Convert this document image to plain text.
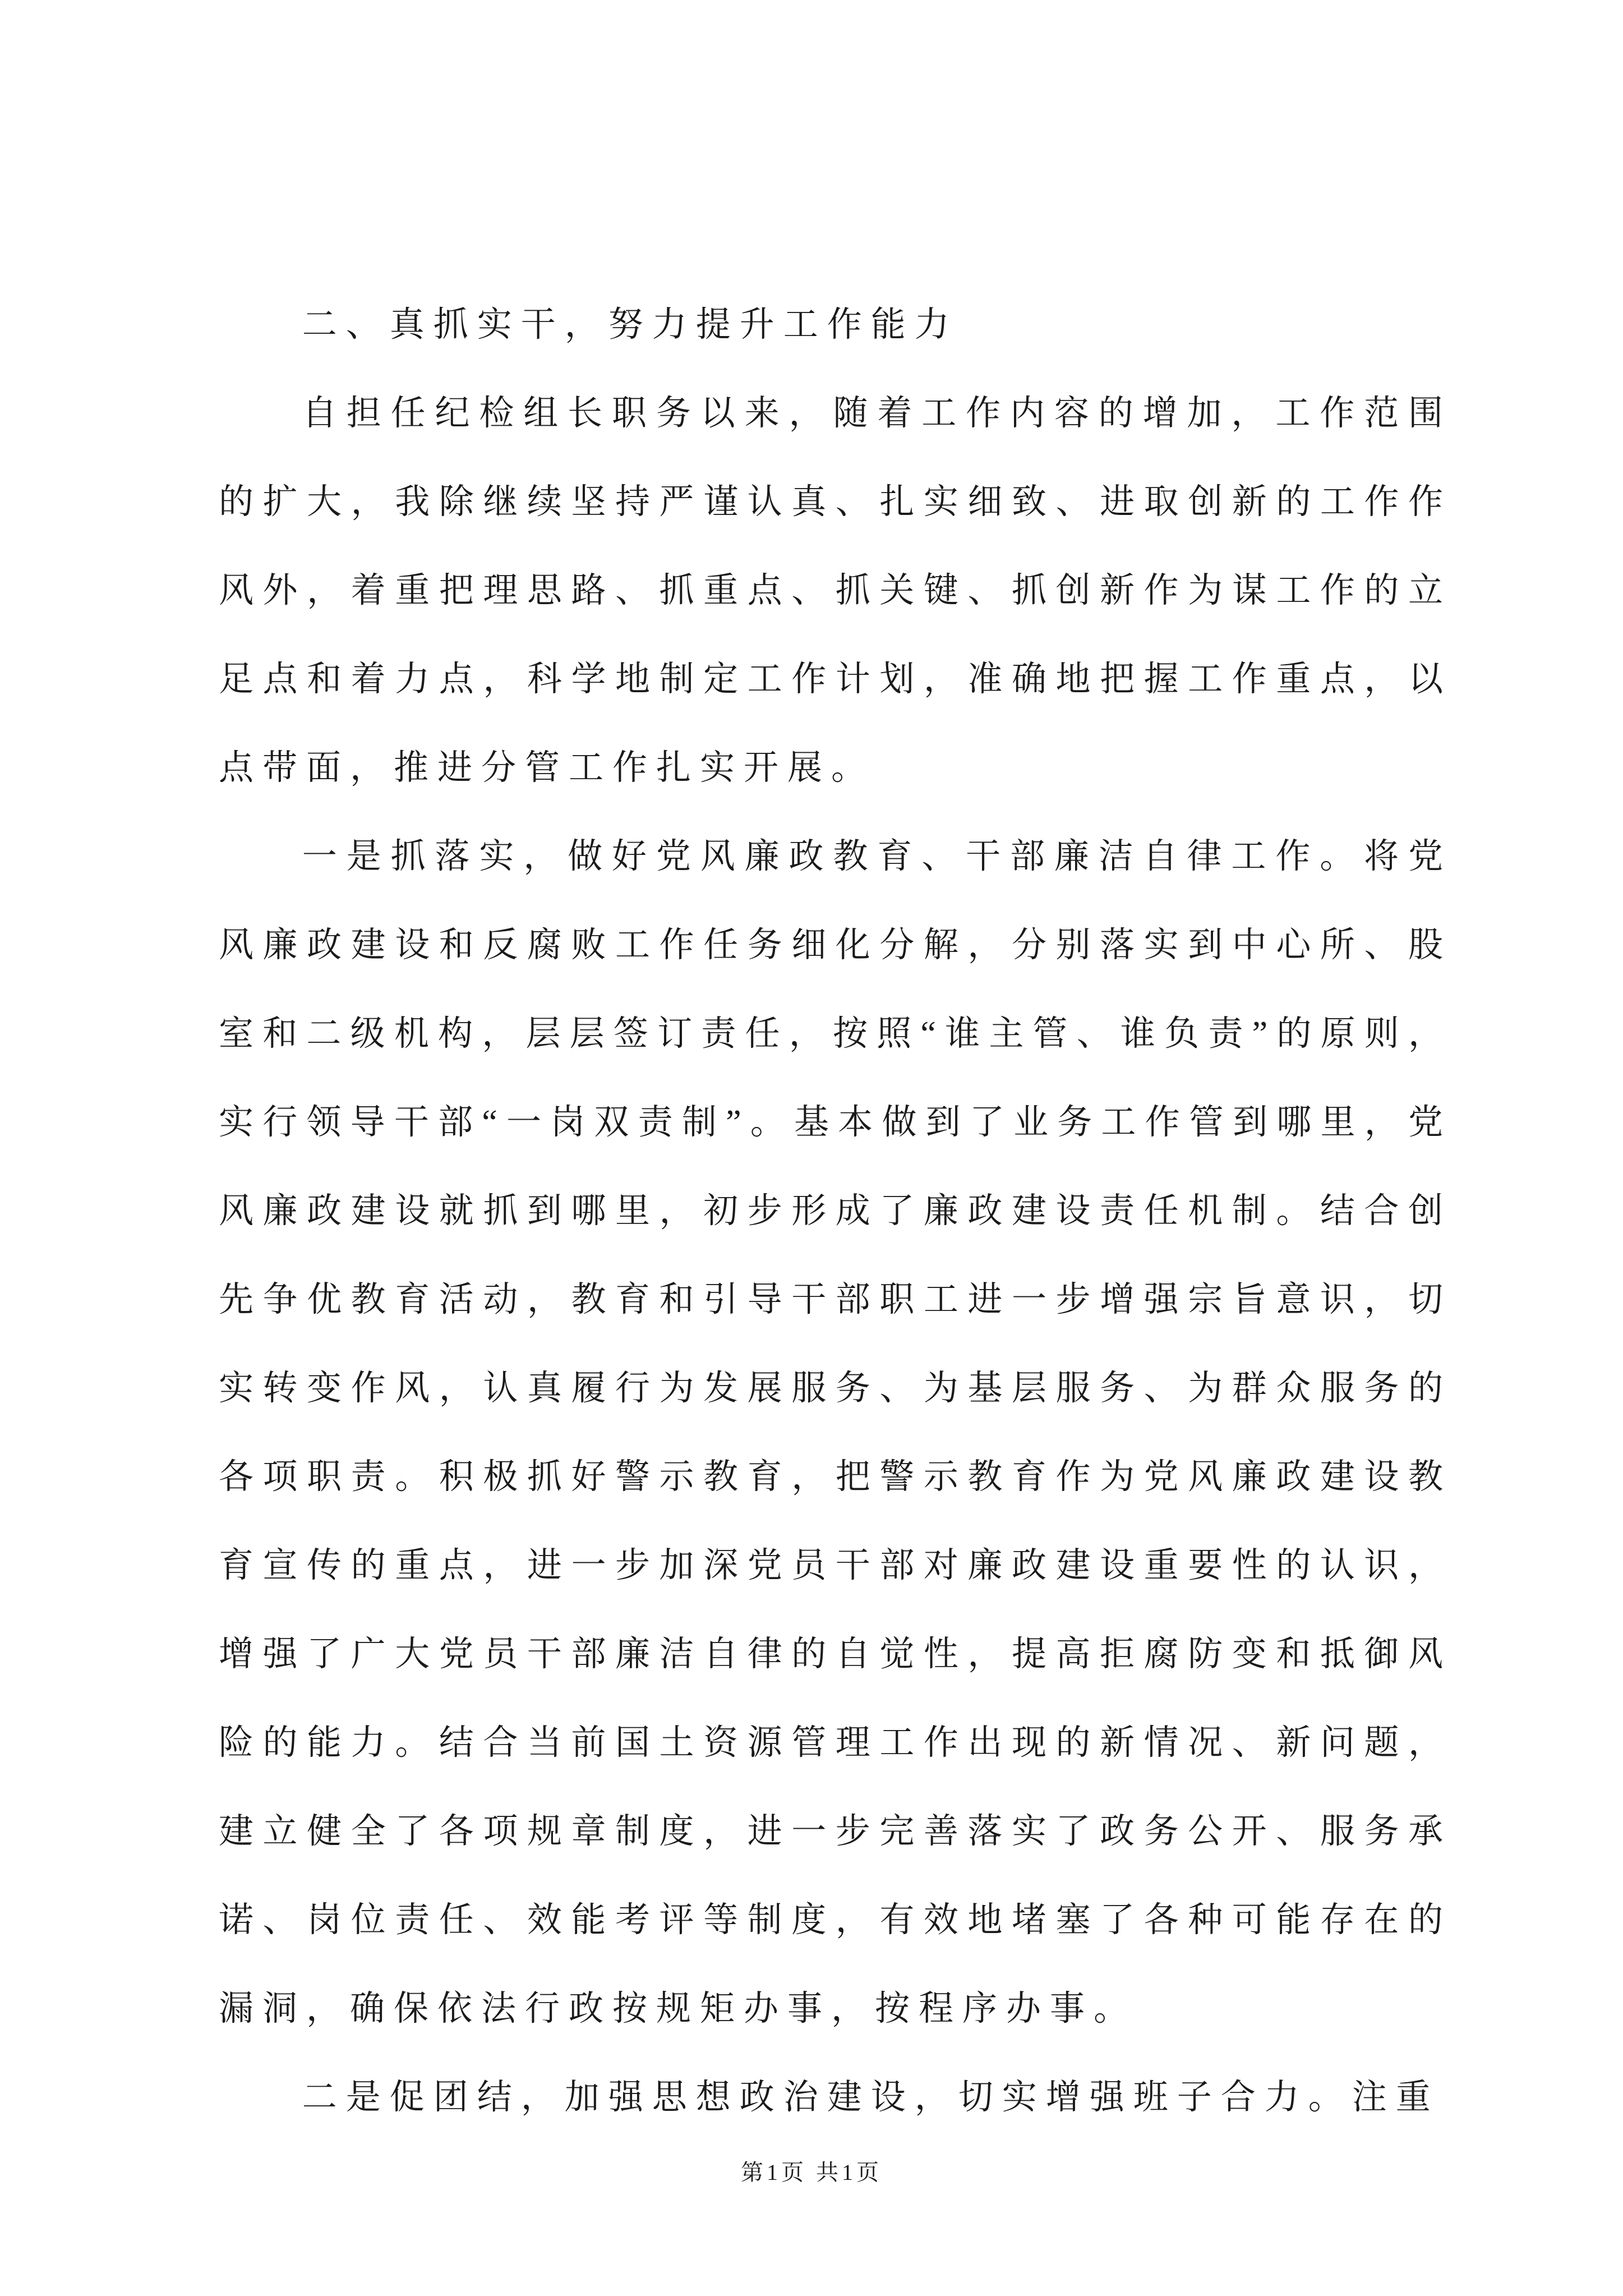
二、真抓实干，努力提升工作能力

自担任纪检组长职务以来，随着工作内容的增加，工作范围的扩大，我除继续坚持严谨认真、扎实细致、进取创新的工作作风外，着重把理思路、抓重点、抓关键、抓创新作为谋工作的立足点和着力点，科学地制定工作计划，准确地把握工作重点，以点带面，推进分管工作扎实开展。

一是抓落实，做好党风廉政教育、干部廉洁自律工作。将党风廉政建设和反腐败工作任务细化分解，分别落实到中心所、股室和二级机构，层层签订责任，按照“谁主管、谁负责”的原则，实行领导干部“一岗双责制”。基本做到了业务工作管到哪里，党风廉政建设就抓到哪里，初步形成了廉政建设责任机制。结合创先争优教育活动，教育和引导干部职工进一步增强宗旨意识，切实转变作风，认真履行为发展服务、为基层服务、为群众服务的各项职责。积极抓好警示教育，把警示教育作为党风廉政建设教育宣传的重点，进一步加深党员干部对廉政建设重要性的认识，增强了广大党员干部廉洁自律的自觉性，提高拒腐防变和抵御风险的能力。结合当前国土资源管理工作出现的新情况、新问题，建立健全了各项规章制度，进一步完善落实了政务公开、服务承诺、岗位责任、效能考评等制度，有效地堵塞了各种可能存在的漏洞，确保依法行政按规矩办事，按程序办事。

二是促团结，加强思想政治建设，切实增强班子合力。注重

第1页 共1页
